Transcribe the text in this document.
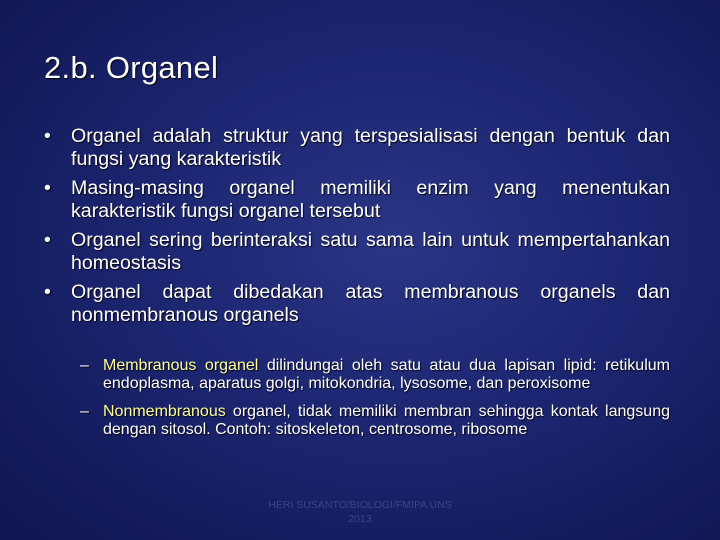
2.b. Organel
• Organel adalah struktur yang terspesialisasi dengan bentuk dan fungsi yang karakteristik
• Masing-masing organel memiliki enzim yang menentukan karakteristik fungsi organel tersebut
• Organel sering berinteraksi satu sama lain untuk mempertahankan homeostasis
• Organel dapat dibedakan atas membranous organels dan nonmembranous organels
– Membranous organel dilindungai oleh satu atau dua lapisan lipid: retikulum endoplasma, aparatus golgi, mitokondria, lysosome, dan peroxisome
– Nonmembranous organel, tidak memiliki membran sehingga kontak langsung dengan sitosol. Contoh: sitoskeleton, centrosome, ribosome
HERI SUSANTO/BIOLOGI/FMIPA UNS
2013
